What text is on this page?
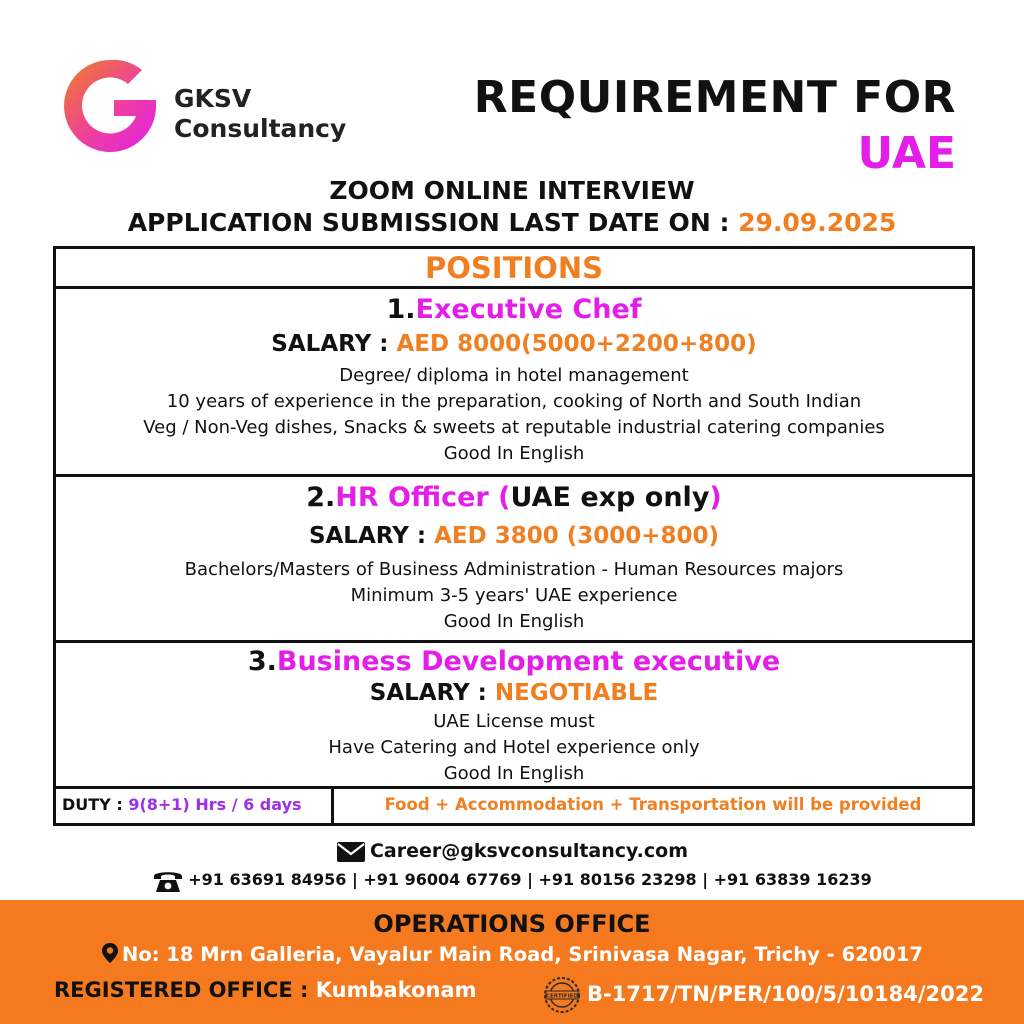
GKSV
Consultancy
REQUIREMENT FOR
UAE
ZOOM ONLINE INTERVIEW
APPLICATION SUBMISSION LAST DATE ON : 29.09.2025
POSITIONS
1.Executive Chef
SALARY : AED 8000(5000+2200+800)
Degree/ diploma in hotel management
10 years of experience in the preparation, cooking of North and South Indian
Veg / Non-Veg dishes, Snacks & sweets at reputable industrial catering companies
Good In English
2.HR Officer (UAE exp only)
SALARY : AED 3800 (3000+800)
Bachelors/Masters of Business Administration - Human Resources majors
Minimum 3-5 years' UAE experience
Good In English
3.Business Development executive
SALARY : NEGOTIABLE
UAE License must
Have Catering and Hotel experience only
Good In English
DUTY : 9(8+1) Hrs / 6 days	Food + Accommodation + Transportation will be provided
Career@gksvconsultancy.com
+91 63691 84956 | +91 96004 67769 | +91 80156 23298 | +91 63839 16239
OPERATIONS OFFICE
No: 18 Mrn Galleria, Vayalur Main Road, Srinivasa Nagar, Trichy - 620017
REGISTERED OFFICE : Kumbakonam	CERTIFIED B-1717/TN/PER/100/5/10184/2022
